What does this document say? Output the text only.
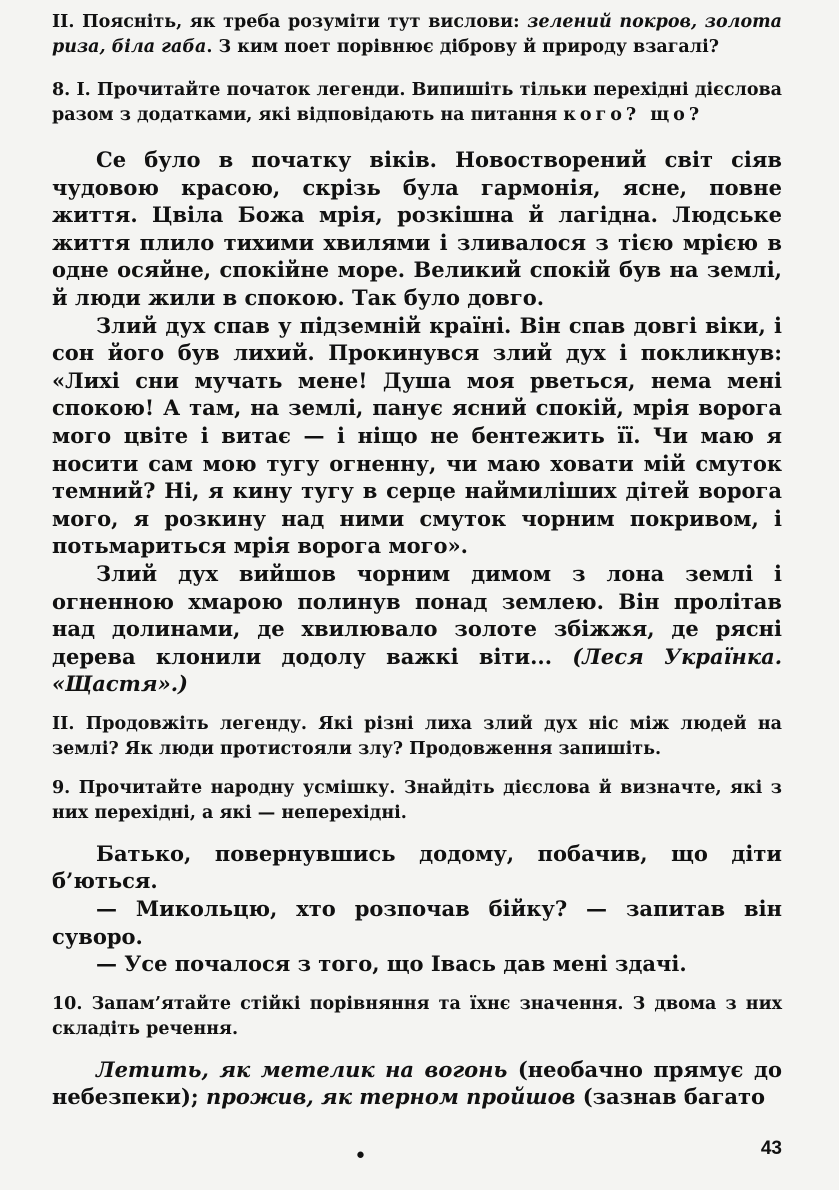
II. Поясніть, як треба розуміти тут вислови: зелений покров, золота риза, біла габа. З ким поет порівнює діброву й природу взагалі?

8. I. Прочитайте початок легенди. Випишіть тільки перехідні дієслова разом з додатками, які відповідають на питання кого? що?

Се було в початку віків. Новостворений світ сіяв чудовою красою, скрізь була гармонія, ясне, повне життя. Цвіла Божа мрія, розкішна й лагідна. Людське життя плило тихими хвилями і зливалося з тією мрією в одне осяйне, спокійне море. Великий спокій був на землі, й люди жили в спокою. Так було довго.

Злий дух спав у підземній країні. Він спав довгі віки, і сон його був лихий. Прокинувся злий дух і покликнув: «Лихі сни мучать мене! Душа моя рветься, нема мені спокою! А там, на землі, панує ясний спокій, мрія ворога мого цвіте і витає — і ніщо не бентежить її. Чи маю я носити сам мою тугу огненну, чи маю ховати мій смуток темний? Ні, я кину тугу в серце наймиліших дітей ворога мого, я розкину над ними смуток чорним покривом, і потьмариться мрія ворога мого».

Злий дух вийшов чорним димом з лона землі і огненною хмарою полинув понад землею. Він пролітав над долинами, де хвилювало золоте збіжжя, де рясні дерева клонили додолу важкі віти... (Леся Українка. «Щастя».)

II. Продовжіть легенду. Які різні лиха злий дух ніс між людей на землі? Як люди протистояли злу? Продовження запишіть.

9. Прочитайте народну усмішку. Знайдіть дієслова й визначте, які з них перехідні, а які — неперехідні.

Батько, повернувшись додому, побачив, що діти б’ються.

— Микольцю, хто розпочав бійку? — запитав він суворо.

— Усе почалося з того, що Івась дав мені здачі.

10. Запам’ятайте стійкі порівняння та їхнє значення. З двома з них складіть речення.

Летить, як метелик на вогонь (необачно прямує до небезпеки); прожив, як терном пройшов (зазнав багато

•	43
